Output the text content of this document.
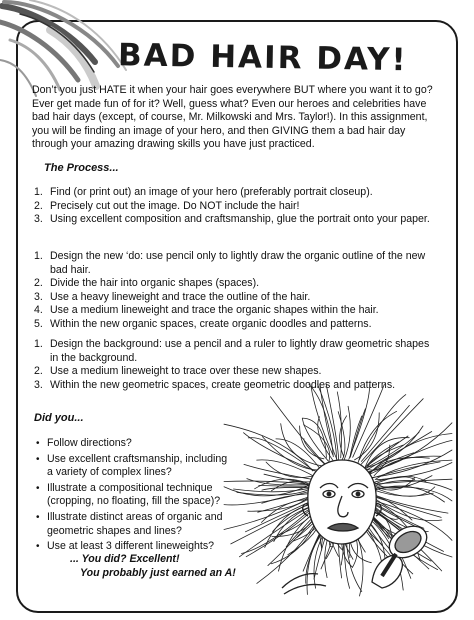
BAD HAIR DAY!

Don’t you just HATE it when your hair goes everywhere BUT where you want it to go? Ever get made fun of for it? Well, guess what? Even our heroes and celebrities have bad hair days (except, of course, Mr. Milkowski and Mrs. Taylor!). In this assignment, you will be finding an image of your hero, and then GIVING them a bad hair day through your amazing drawing skills you have just practiced.

The Process...
1. Find (or print out) an image of your hero (preferably portrait closeup).
2. Precisely cut out the image. Do NOT include the hair!
3. Using excellent composition and craftsmanship, glue the portrait onto your paper.
1. Design the new ‘do: use pencil only to lightly draw the organic outline of the new bad hair.
2. Divide the hair into organic shapes (spaces).
3. Use a heavy lineweight and trace the outline of the hair.
4. Use a medium lineweight and trace the organic shapes within the hair.
5. Within the new organic spaces, create organic doodles and patterns.
1. Design the background: use a pencil and a ruler to lightly draw geometric shapes in the background.
2. Use a medium lineweight to trace over these new shapes.
3. Within the new geometric spaces, create geometric doodles and patterns.
Did you...
• Follow directions?
• Use excellent craftsmanship, including a variety of complex lines?
• Illustrate a compositional technique (cropping, no floating, fill the space)?
• Illustrate distinct areas of organic and geometric shapes and lines?
• Use at least 3 different lineweights?
... You did? Excellent!
You probably just earned an A!
